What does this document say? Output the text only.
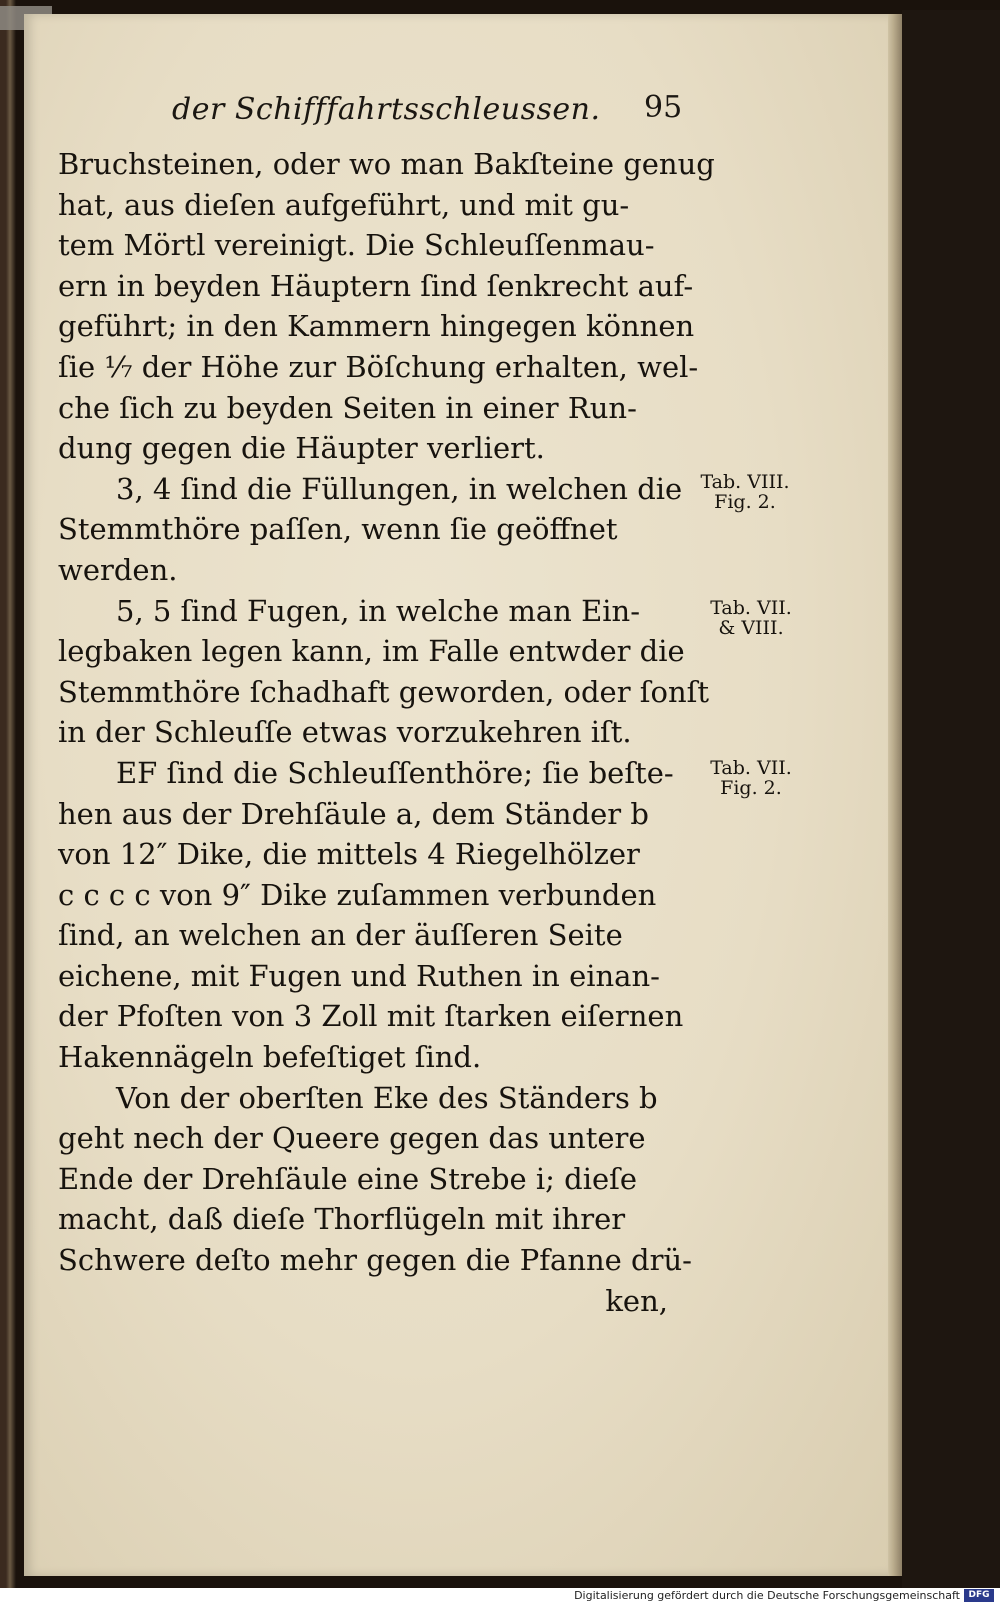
der Schifffahrtsschleussen. 95
Bruchsteinen, oder wo man Bakſteine genug
hat, aus dieſen aufgeführt, und mit gu-
tem Mörtl vereinigt. Die Schleuſſenmau-
ern in beyden Häuptern ſind ſenkrecht auf-
geführt; in den Kammern hingegen können
ſie ⅐ der Höhe zur Böſchung erhalten, wel-
che ſich zu beyden Seiten in einer Run-
dung gegen die Häupter verliert.
3, 4 ſind die Füllungen, in welchen die
Stemmthöre paſſen, wenn ſie geöffnet
werden.
5, 5 ſind Fugen, in welche man Ein-
legbaken legen kann, im Falle entwder die
Stemmthöre ſchadhaft geworden, oder ſonſt
in der Schleuſſe etwas vorzukehren iſt.
EF ſind die Schleuſſenthöre; ſie beſte-
hen aus der Drehſäule a, dem Ständer b
von 12″ Dike, die mittels 4 Riegelhölzer
c c c c von 9″ Dike zuſammen verbunden
ſind, an welchen an der äuſſeren Seite
eichene, mit Fugen und Ruthen in einan-
der Pfoſten von 3 Zoll mit ſtarken eiſernen
Hakennägeln befeſtiget ſind.
Von der oberſten Eke des Ständers b
geht nech der Queere gegen das untere
Ende der Drehſäule eine Strebe i; dieſe
macht, daß dieſe Thorflügeln mit ihrer
Schwere deſto mehr gegen die Pfanne drü-
ken,
Tab. VIII.
Fig. 2.
Tab. VII.
& VIII.
Tab. VII.
Fig. 2.
Digitalisierung gefördert durch die Deutsche Forschungsgemeinschaft DFG
